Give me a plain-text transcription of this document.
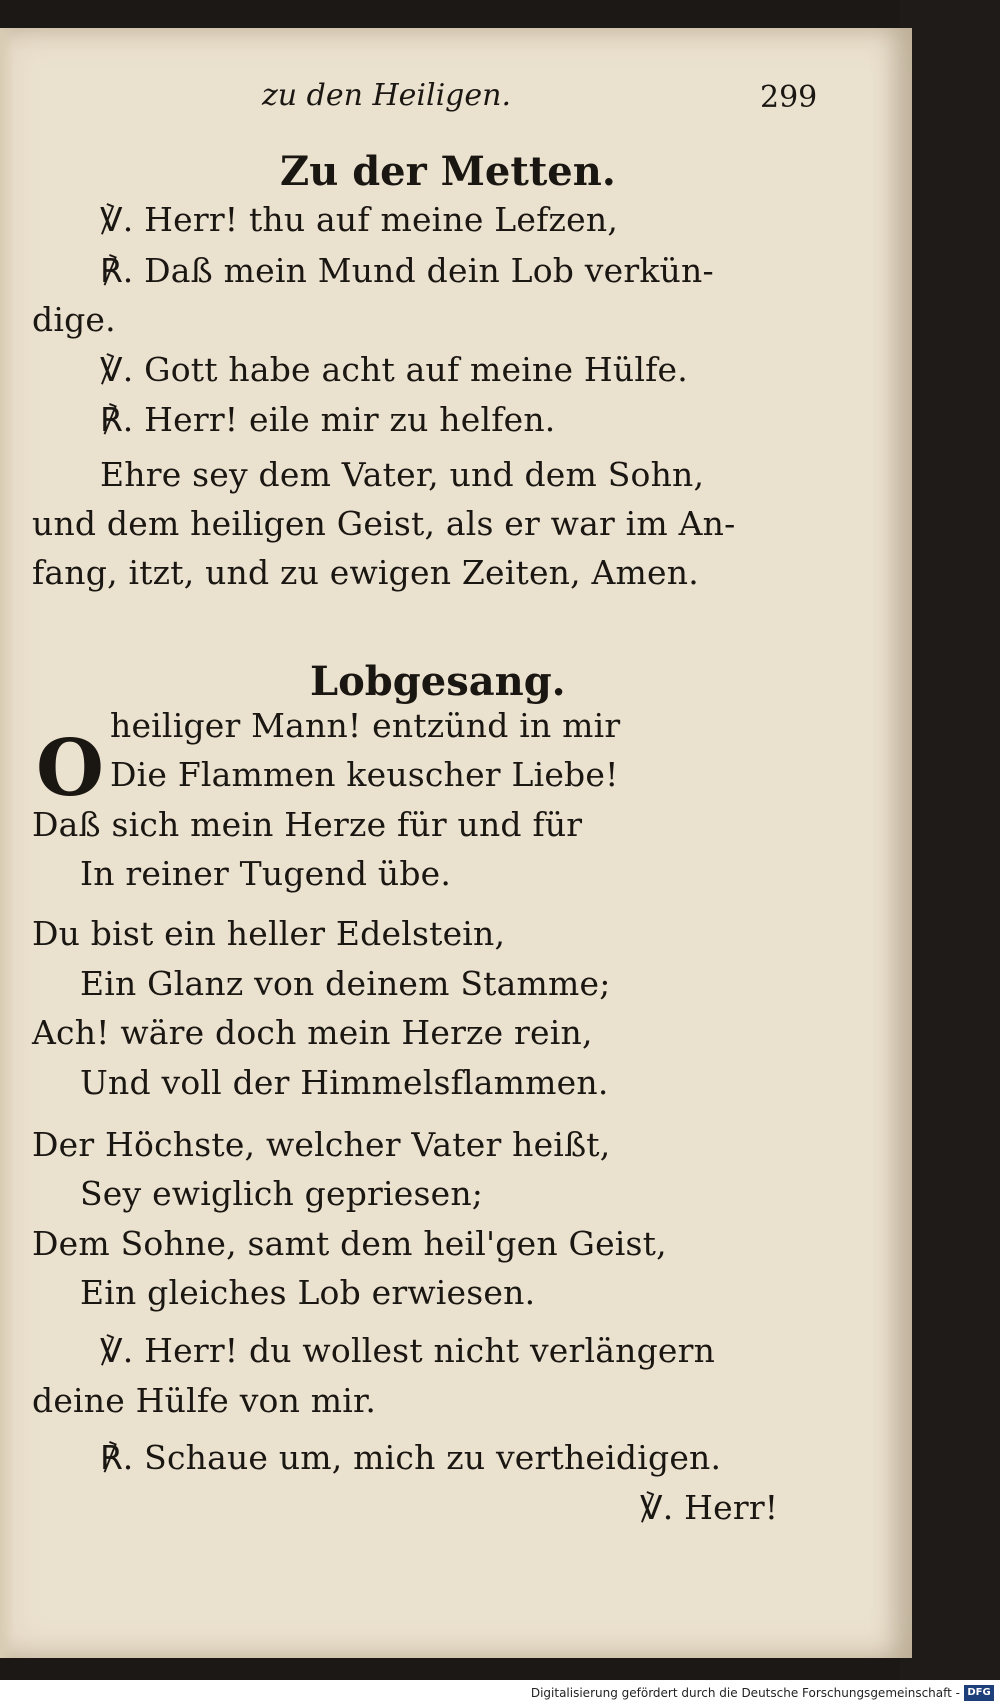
zu den Heiligen.	299
Zu der Metten.
℣. Herr! thu auf meine Lefzen,
℟. Daß mein Mund dein Lob verkün-
dige.
℣. Gott habe acht auf meine Hülfe.
℟. Herr! eile mir zu helfen.
Ehre sey dem Vater, und dem Sohn,
und dem heiligen Geist, als er war im An-
fang, itzt, und zu ewigen Zeiten, Amen.
Lobgesang.
O heiliger Mann! entzünd in mir
Die Flammen keuscher Liebe!
Daß sich mein Herze für und für
In reiner Tugend übe.
Du bist ein heller Edelstein,
Ein Glanz von deinem Stamme;
Ach! wäre doch mein Herze rein,
Und voll der Himmelsflammen.
Der Höchste, welcher Vater heißt,
Sey ewiglich gepriesen;
Dem Sohne, samt dem heil'gen Geist,
Ein gleiches Lob erwiesen.
℣. Herr! du wollest nicht verlängern
deine Hülfe von mir.
℟. Schaue um, mich zu vertheidigen.
℣. Herr!
Digitalisierung gefördert durch die Deutsche Forschungsgemeinschaft - DFG
